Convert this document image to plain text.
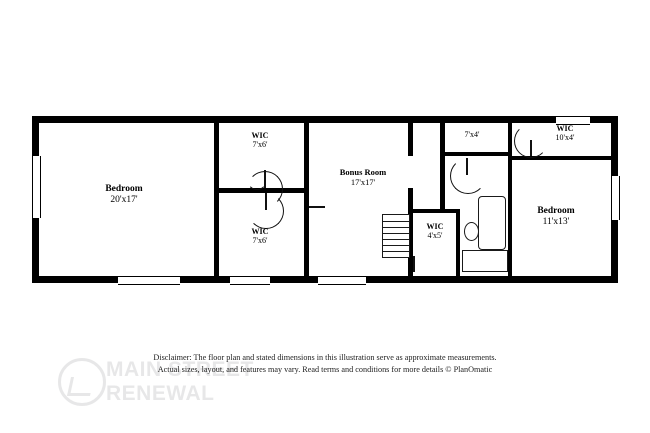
Bedroom
20'x17'
Bedroom
11'x13'
Bonus Room
17'x17'
WIC
7'x6'
WIC
7'x6'
WIC
4'x5'
WIC
10'x4'
7'x4'
MAIN STREET
RENEWAL
Disclaimer: The floor plan and stated dimensions in this illustration serve as approximate measurements.
Actual sizes, layout, and features may vary. Read terms and conditions for more details © PlanOmatic
